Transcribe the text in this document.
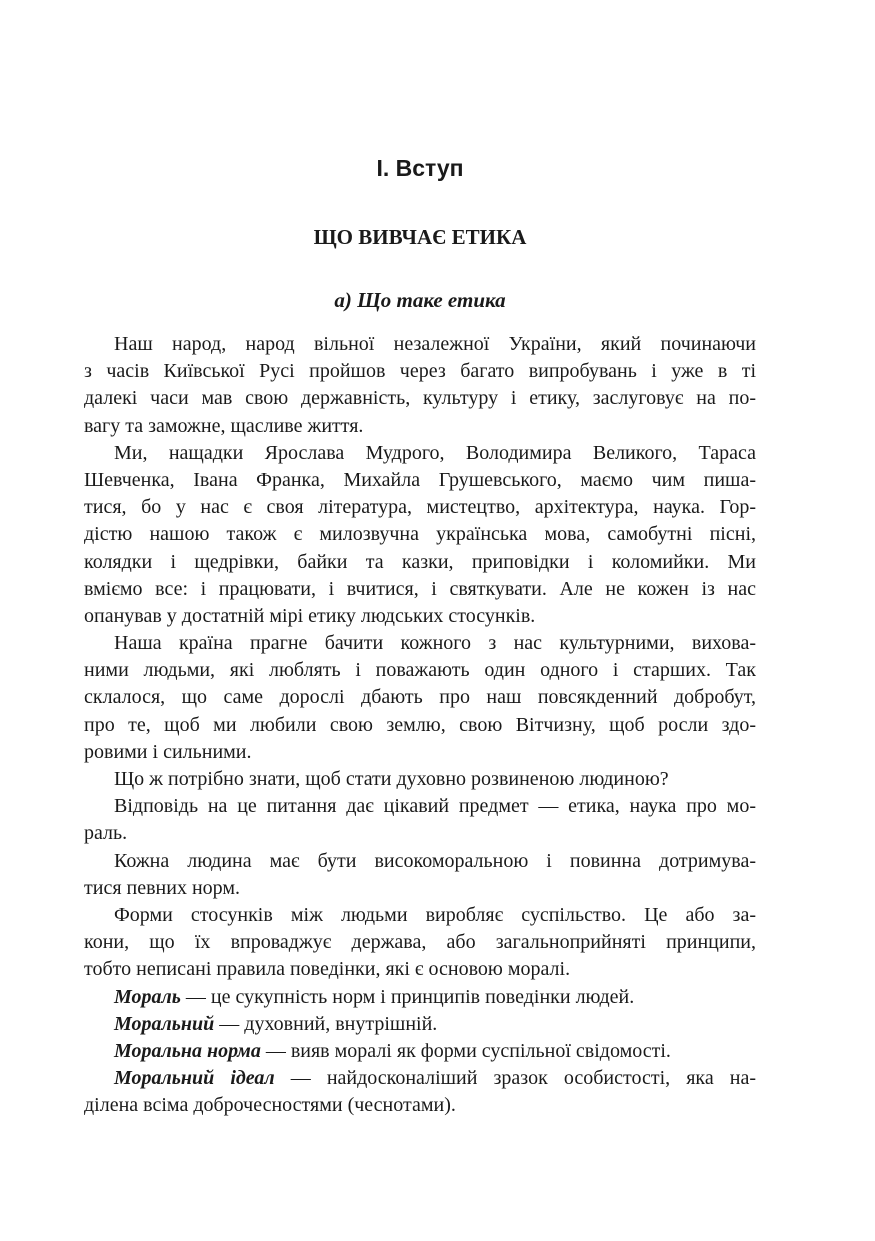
І. Вступ
ЩО ВИВЧАЄ ЕТИКА
а) Що таке етика
Наш народ, народ вільної незалежної України, який починаючи
з часів Київської Русі пройшов через багато випробувань і уже в ті
далекі часи мав свою державність, культуру і етику, заслуговує на по-
вагу та заможне, щасливе життя.
Ми, нащадки Ярослава Мудрого, Володимира Великого, Тараса
Шевченка, Івана Франка, Михайла Грушевського, маємо чим пиша-
тися, бо у нас є своя література, мистецтво, архітектура, наука. Гор-
дістю нашою також є милозвучна українська мова, самобутні пісні,
колядки і щедрівки, байки та казки, приповідки і коломийки. Ми
вміємо все: і працювати, і вчитися, і святкувати. Але не кожен із нас
опанував у достатній мірі етику людських стосунків.
Наша країна прагне бачити кожного з нас культурними, вихова-
ними людьми, які люблять і поважають один одного і старших. Так
склалося, що саме дорослі дбають про наш повсякденний добробут,
про те, щоб ми любили свою землю, свою Вітчизну, щоб росли здо-
ровими і сильними.
Що ж потрібно знати, щоб стати духовно розвиненою людиною?
Відповідь на це питання дає цікавий предмет — етика, наука про мо-
раль.
Кожна людина має бути високоморальною і повинна дотримува-
тися певних норм.
Форми стосунків між людьми виробляє суспільство. Це або за-
кони, що їх впроваджує держава, або загальноприйняті принципи,
тобто неписані правила поведінки, які є основою моралі.
Мораль — це сукупність норм і принципів поведінки людей.
Моральний — духовний, внутрішній.
Моральна норма — вияв моралі як форми суспільної свідомості.
Моральний ідеал — найдосконаліший зразок особистості, яка на-
ділена всіма доброчесностями (чеснотами).
